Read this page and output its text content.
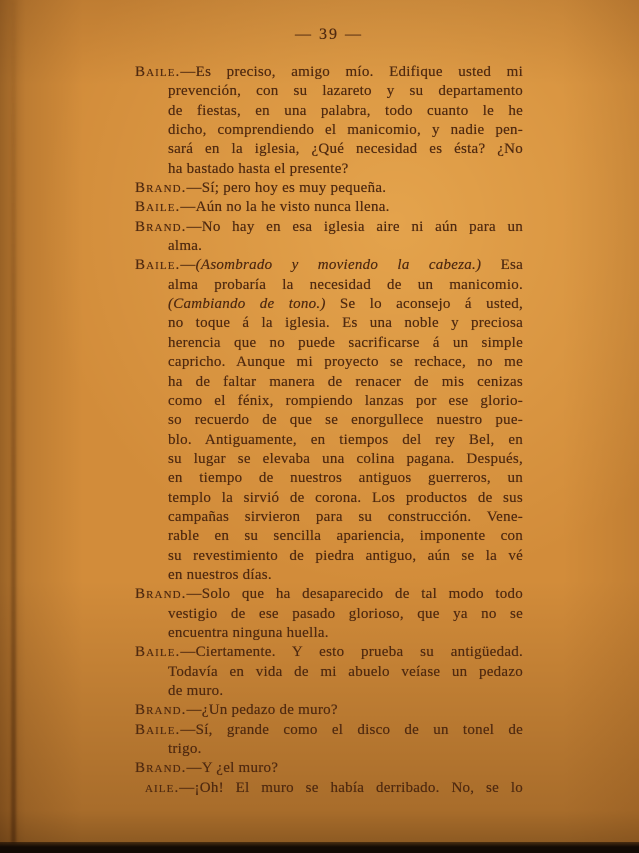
— 39 —
Baile.—Es preciso, amigo mío. Edifique usted mi
prevención, con su lazareto y su departamento
de fiestas, en una palabra, todo cuanto le he
dicho, comprendiendo el manicomio, y nadie pen-
sará en la iglesia, ¿Qué necesidad es ésta? ¿No
ha bastado hasta el presente?
Brand.—Sí; pero hoy es muy pequeña.
Baile.—Aún no la he visto nunca llena.
Brand.—No hay en esa iglesia aire ni aún para un
alma.
Baile.—(Asombrado y moviendo la cabeza.) Esa
alma probaría la necesidad de un manicomio.
(Cambiando de tono.) Se lo aconsejo á usted,
no toque á la iglesia. Es una noble y preciosa
herencia que no puede sacrificarse á un simple
capricho. Aunque mi proyecto se rechace, no me
ha de faltar manera de renacer de mis cenizas
como el fénix, rompiendo lanzas por ese glorio-
so recuerdo de que se enorgullece nuestro pue-
blo. Antiguamente, en tiempos del rey Bel, en
su lugar se elevaba una colina pagana. Después,
en tiempo de nuestros antiguos guerreros, un
templo la sirvió de corona. Los productos de sus
campañas sirvieron para su construcción. Vene-
rable en su sencilla apariencia, imponente con
su revestimiento de piedra antiguo, aún se la vé
en nuestros días.
Brand.—Solo que ha desaparecido de tal modo todo
vestigio de ese pasado glorioso, que ya no se
encuentra ninguna huella.
Baile.—Ciertamente. Y esto prueba su antigüedad.
Todavía en vida de mi abuelo veíase un pedazo
de muro.
Brand.—¿Un pedazo de muro?
Baile.—Sí, grande como el disco de un tonel de
trigo.
Brand.—Y ¿el muro?
aile.—¡Oh! El muro se había derribado. No, se lo
